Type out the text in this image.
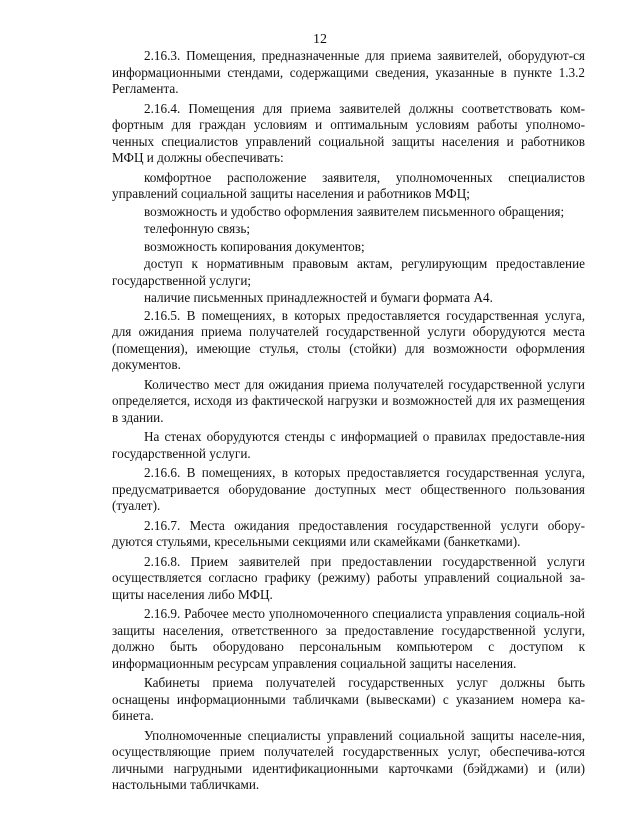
12

2.16.3. Помещения, предназначенные для приема заявителей, оборудуют-ся информационными стендами, содержащими сведения, указанные в пункте 1.3.2 Регламента.

2.16.4. Помещения для приема заявителей должны соответствовать ком-фортным для граждан условиям и оптимальным условиям работы уполномо-ченных специалистов управлений социальной защиты населения и работников МФЦ и должны обеспечивать:

комфортное расположение заявителя, уполномоченных специалистов управлений социальной защиты населения и работников МФЦ;

возможность и удобство оформления заявителем письменного обращения;

телефонную связь;

возможность копирования документов;

доступ к нормативным правовым актам, регулирующим предоставление государственной услуги;

наличие письменных принадлежностей и бумаги формата А4.

2.16.5. В помещениях, в которых предоставляется государственная услуга, для ожидания приема получателей государственной услуги оборудуются места (помещения), имеющие стулья, столы (стойки) для возможности оформления документов.

Количество мест для ожидания приема получателей государственной услуги определяется, исходя из фактической нагрузки и возможностей для их размещения в здании.

На стенах оборудуются стенды с информацией о правилах предоставле-ния государственной услуги.

2.16.6. В помещениях, в которых предоставляется государственная услуга, предусматривается оборудование доступных мест общественного пользования (туалет).

2.16.7. Места ожидания предоставления государственной услуги обору-дуются стульями, кресельными секциями или скамейками (банкетками).

2.16.8. Прием заявителей при предоставлении государственной услуги осуществляется согласно графику (режиму) работы управлений социальной за-щиты населения либо МФЦ.

2.16.9. Рабочее место уполномоченного специалиста управления социаль-ной защиты населения, ответственного за предоставление государственной услуги, должно быть оборудовано персональным компьютером с доступом к информационным ресурсам управления социальной защиты населения.

Кабинеты приема получателей государственных услуг должны быть оснащены информационными табличками (вывесками) с указанием номера ка-бинета.

Уполномоченные специалисты управлений социальной защиты населе-ния, осуществляющие прием получателей государственных услуг, обеспечива-ются личными нагрудными идентификационными карточками (бэйджами) и (или) настольными табличками.
